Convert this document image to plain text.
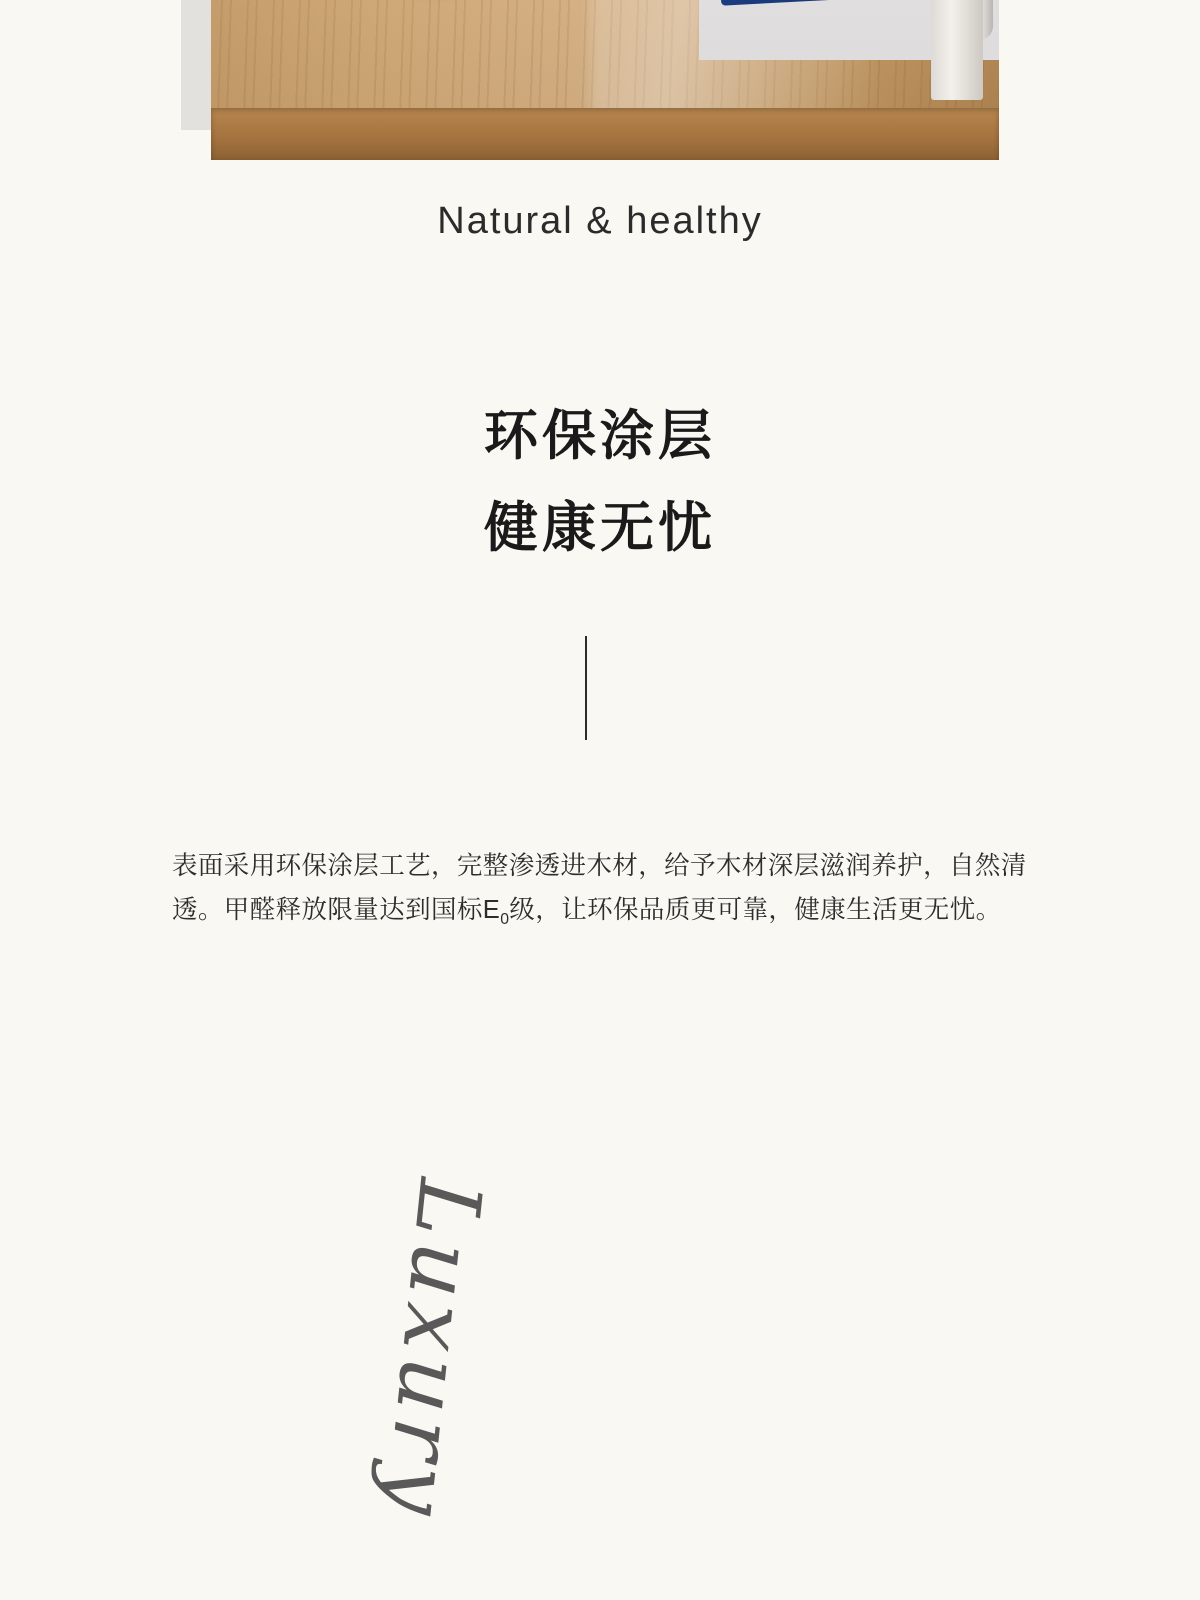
Natural & healthy
环保涂层
健康无忧

表面采用环保涂层工艺，完整渗透进木材，给予木材深层滋润养护，自然清透。甲醛释放限量达到国标$E_0$级，让环保品质更可靠，健康生活更无忧。

Luxury
